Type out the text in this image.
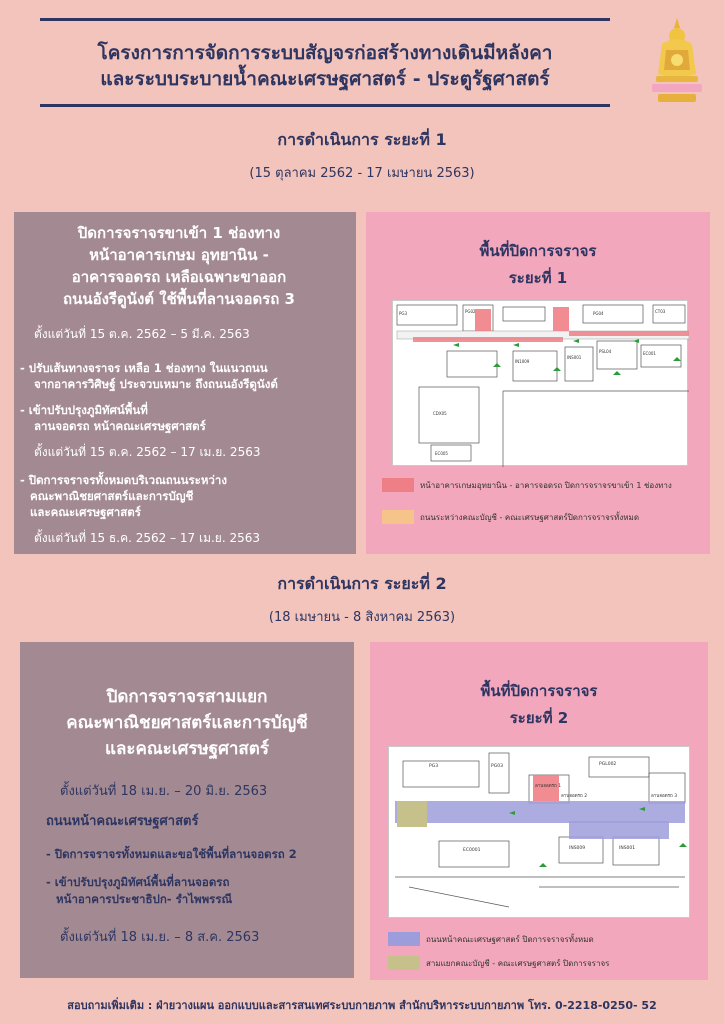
โครงการการจัดการระบบสัญจรก่อสร้างทางเดินมีหลังคา
และระบบระบายน้ำคณะเศรษฐศาสตร์ - ประตูรัฐศาสตร์
การดำเนินการ ระยะที่ 1
(15 ตุลาคม 2562 - 17 เมษายน 2563)
ปิดการจราจรขาเข้า 1 ช่องทาง
หน้าอาคารเกษม อุทยานิน -
อาคารจอดรถ เหลือเฉพาะขาออก
ถนนอังรีดูนังต์ ใช้พื้นที่ลานจอดรถ 3
ตั้งแต่วันที่ 15 ต.ค. 2562 – 5 มี.ค. 2563
- ปรับเส้นทางจราจร เหลือ 1 ช่องทาง ในแนวถนน
จากอาคารวิศิษฐ์ ประจวบเหมาะ ถึงถนนอังรีดูนังต์
- เข้าปรับปรุงภูมิทัศน์พื้นที่
ลานจอดรถ หน้าคณะเศรษฐศาสตร์
ตั้งแต่วันที่ 15 ต.ค. 2562 – 17 เม.ย. 2563
- ปิดการจราจรทั้งหมดบริเวณถนนระหว่าง
คณะพาณิชยศาสตร์และการบัญชี
และคณะเศรษฐศาสตร์
ตั้งแต่วันที่ 15 ธ.ค. 2562 – 17 เม.ย. 2563
พื้นที่ปิดการจราจร
ระยะที่ 1
PG3	PG02	PG04	CT03
PSL04	EC001
IN1009
INS001
CDX05
EC005
หน้าอาคารเกษมอุทยานิน - อาคารจอดรถ ปิดการจราจรขาเข้า 1 ช่องทาง
ถนนระหว่างคณะบัญชี - คณะเศรษฐศาสตร์ปิดการจราจรทั้งหมด
การดำเนินการ ระยะที่ 2
(18 เมษายน - 8 สิงหาคม 2563)
ปิดการจราจรสามแยก
คณะพาณิชยศาสตร์และการบัญชี
และคณะเศรษฐศาสตร์
ตั้งแต่วันที่ 18 เม.ย. – 20 มิ.ย. 2563
ถนนหน้าคณะเศรษฐศาสตร์
- ปิดการจราจรทั้งหมดและขอใช้พื้นที่ลานจอดรถ 2
- เข้าปรับปรุงภูมิทัศน์พื้นที่ลานจอดรถ
หน้าอาคารประชาธิปก- รำไพพรรณี
ตั้งแต่วันที่ 18 เม.ย. – 8 ส.ค. 2563
พื้นที่ปิดการจราจร
ระยะที่ 2
PG3	PG03	PGL002
ลานจอดรถ 1
ลานจอดรถ 2	ลานจอดรถ 3
EC0001	INS009	INS001
ถนนหน้าคณะเศรษฐศาสตร์ ปิดการจราจรทั้งหมด
สามแยกคณะบัญชี - คณะเศรษฐศาสตร์ ปิดการจราจร
สอบถามเพิ่มเติม : ฝ่ายวางแผน ออกแบบและสารสนเทศระบบกายภาพ สำนักบริหารระบบกายภาพ โทร. 0-2218-0250- 52
